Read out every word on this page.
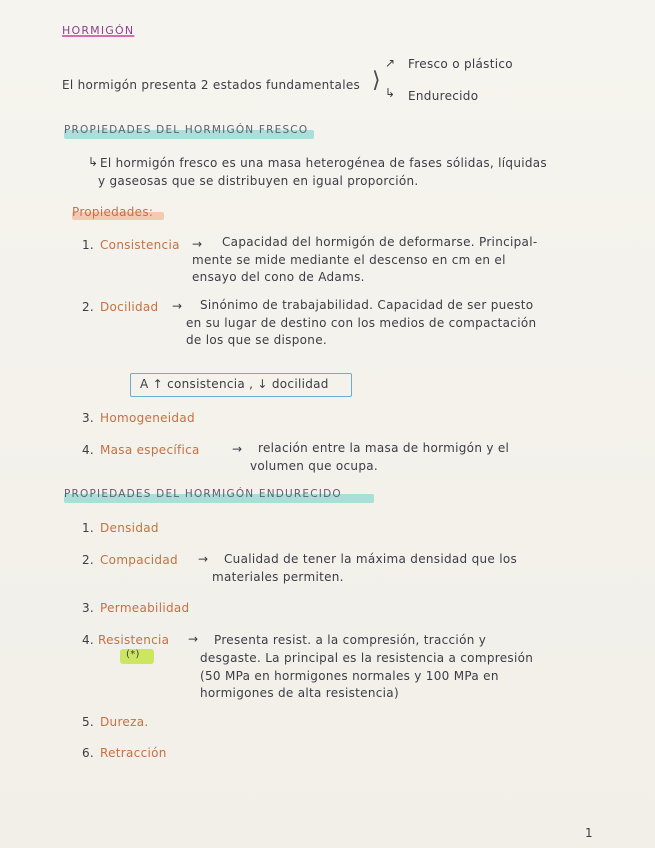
HORMIGÓN
El hormigón presenta 2 estados fundamentales ⟩
↗ Fresco o plástico
↳ Endurecido
PROPIEDADES DEL HORMIGÓN FRESCO
↳ El hormigón fresco es una masa heterogénea de fases sólidas, líquidas
y gaseosas que se distribuyen en igual proporción.
Propiedades:
1. Consistencia → Capacidad del hormigón de deformarse. Principal-
mente se mide mediante el descenso en cm en el
ensayo del cono de Adams.
2. Docilidad → Sinónimo de trabajabilidad. Capacidad de ser puesto
en su lugar de destino con los medios de compactación
de los que se dispone.
A ↑ consistencia , ↓ docilidad
3. Homogeneidad
4. Masa específica	→ relación entre la masa de hormigón y el
volumen que ocupa.
PROPIEDADES DEL HORMIGÓN ENDURECIDO
1. Densidad
2. Compacidad → Cualidad de tener la máxima densidad que los
materiales permiten.
3. Permeabilidad
4. Resistencia
(*)
→ Presenta resist. a la compresión, tracción y
desgaste. La principal es la resistencia a compresión
(50 MPa en hormigones normales y 100 MPa en
hormigones de alta resistencia)
5. Dureza.
6. Retracción
1
